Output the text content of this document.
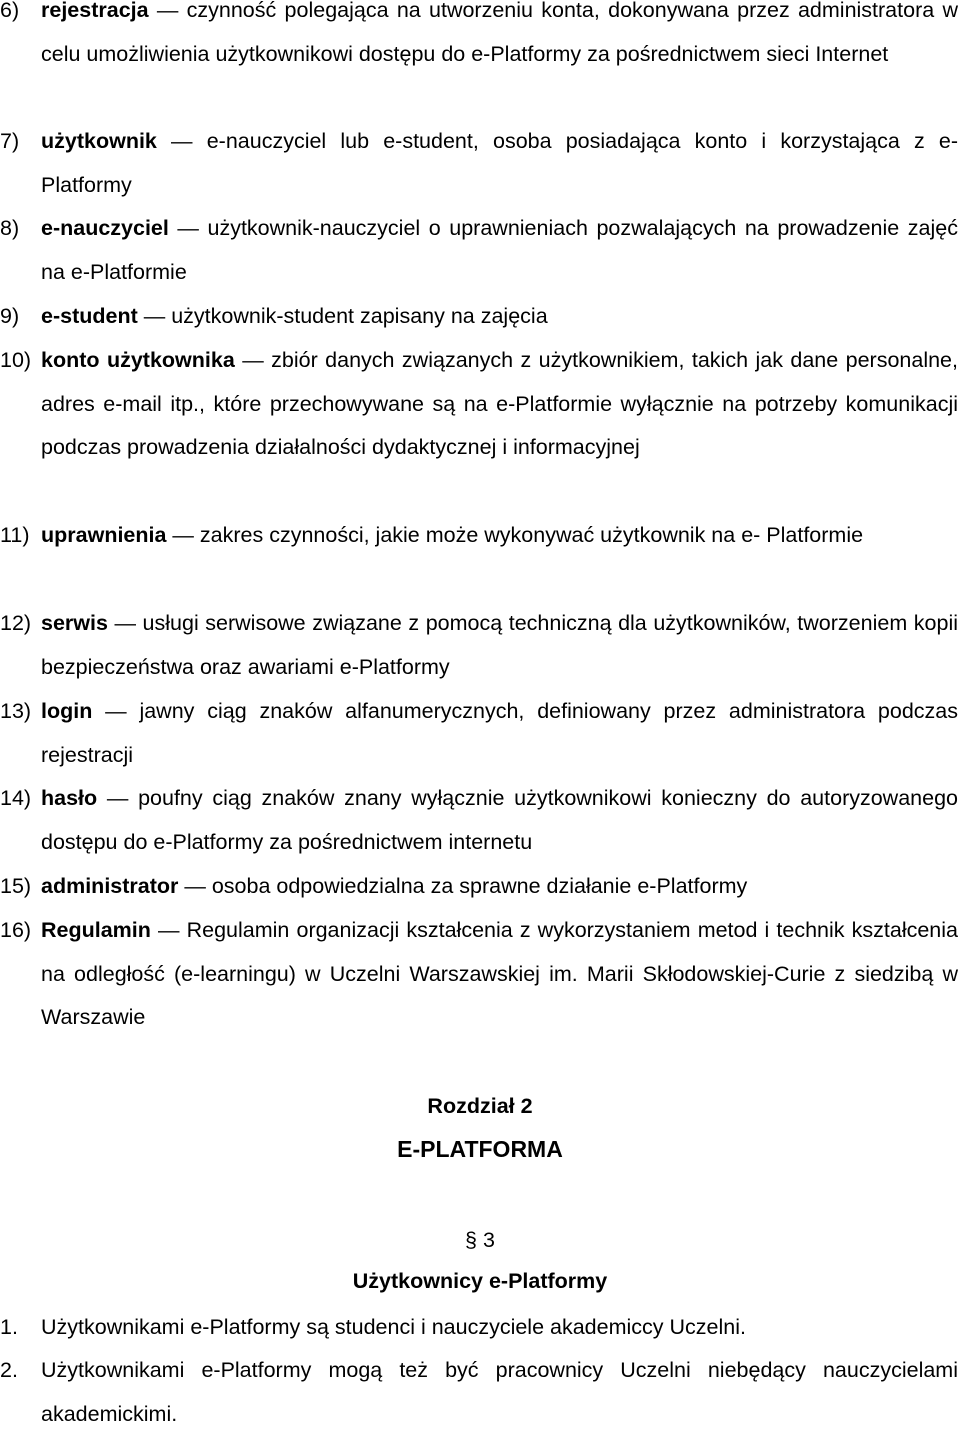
6) rejestracja — czynność polegająca na utworzeniu konta, dokonywana przez administratora w celu umożliwienia użytkownikowi dostępu do e-Platformy za pośrednictwem sieci Internet
7) użytkownik — e-nauczyciel lub e-student, osoba posiadająca konto i korzystająca z e-Platformy
8) e-nauczyciel — użytkownik-nauczyciel o uprawnieniach pozwalających na prowadzenie zajęć na e-Platformie
9) e-student — użytkownik-student zapisany na zajęcia
10) konto użytkownika — zbiór danych związanych z użytkownikiem, takich jak dane personalne, adres e-mail itp., które przechowywane są na e-Platformie wyłącznie na potrzeby komunikacji podczas prowadzenia działalności dydaktycznej i informacyjnej
11) uprawnienia — zakres czynności, jakie może wykonywać użytkownik na e- Platformie
12) serwis — usługi serwisowe związane z pomocą techniczną dla użytkowników, tworzeniem kopii bezpieczeństwa oraz awariami e-Platformy
13) login — jawny ciąg znaków alfanumerycznych, definiowany przez administratora podczas rejestracji
14) hasło — poufny ciąg znaków znany wyłącznie użytkownikowi konieczny do autoryzowanego dostępu do e-Platformy za pośrednictwem internetu
15) administrator — osoba odpowiedzialna za sprawne działanie e-Platformy
16) Regulamin — Regulamin organizacji kształcenia z wykorzystaniem metod i technik kształcenia na odległość (e-learningu) w Uczelni Warszawskiej im. Marii Skłodowskiej-Curie z siedzibą w Warszawie
Rozdział 2
E-PLATFORMA
§ 3
Użytkownicy e-Platformy
1. Użytkownikami e-Platformy są studenci i nauczyciele akademiccy Uczelni.
2. Użytkownikami e-Platformy mogą też być pracownicy Uczelni niebędący nauczycielami akademickimi.
